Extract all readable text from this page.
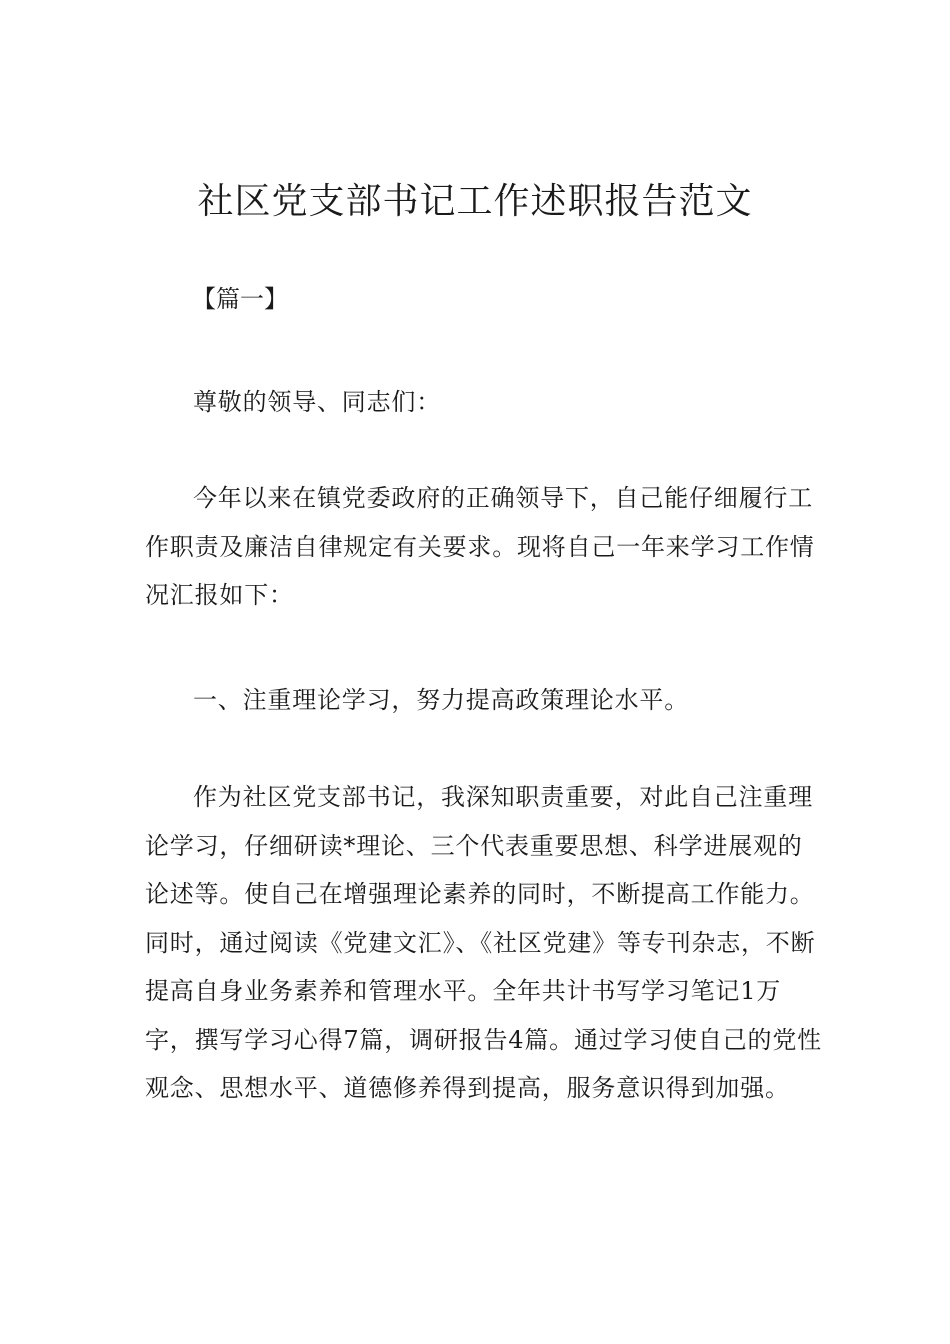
社区党支部书记工作述职报告范文

【篇一】

尊敬的领导、同志们：

今年以来在镇党委政府的正确领导下，自己能仔细履行工作职责及廉洁自律规定有关要求。现将自己一年来学习工作情况汇报如下：

一、注重理论学习，努力提高政策理论水平。

作为社区党支部书记，我深知职责重要，对此自己注重理论学习，仔细研读*理论、三个代表重要思想、科学进展观的论述等。使自己在增强理论素养的同时，不断提高工作能力。同时，通过阅读《党建文汇》、《社区党建》等专刊杂志，不断提高自身业务素养和管理水平。全年共计书写学习笔记1万字，撰写学习心得7篇，调研报告4篇。通过学习使自己的党性观念、思想水平、道德修养得到提高，服务意识得到加强。
